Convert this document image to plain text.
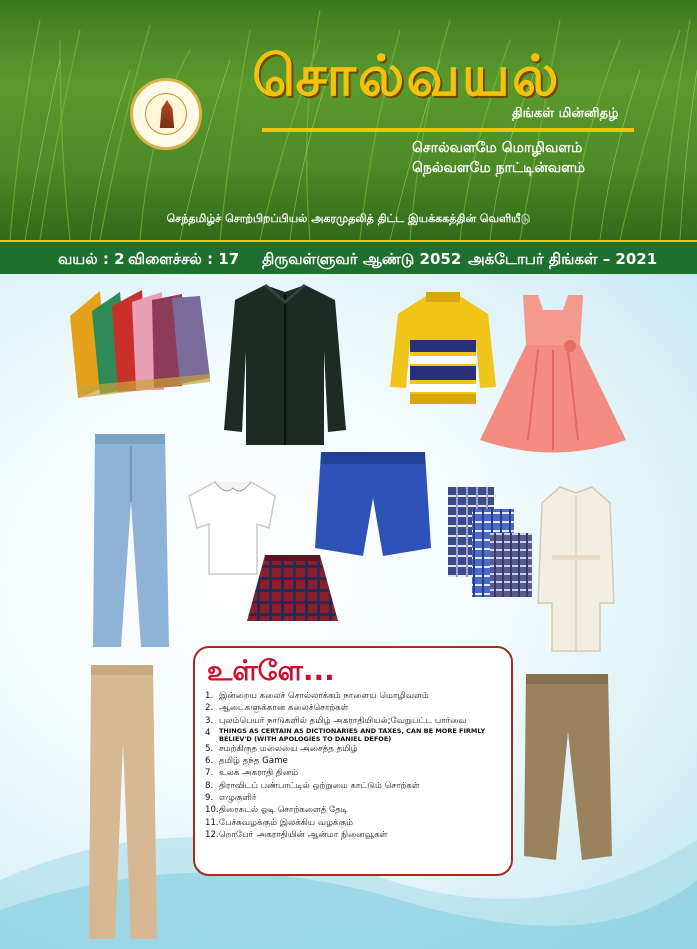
சொல்வயல்
திங்கள் மின்னிதழ்
சொல்வளமே மொழிவளம்
நெல்வளமே நாட்டின்வளம்
செந்தமிழ்ச் சொற்பிறப்பியல் அகரமுதலித் திட்ட இயக்ககத்தின் வெளியீடு
வயல் : 2 விளைச்சல் : 17 திருவள்ளுவர் ஆண்டு 2052 அக்டோபர் திங்கள் – 2021
உள்ளே...
1. இன்றைய கலைச் சொல்லாக்கம் நாளைய மொழிவளம்
2. ஆடைகளுக்கான கலைச்சொற்கள்
3. புலம்பெயர் நாடுகளில் தமிழ் அகராதியியல்;வேறுபட்ட பார்வை
4	THINGS AS CERTAIN AS DICTIONARIES AND TAXES, CAN BE MORE FIRMLY BELIEV'D (WITH APOLOGIES TO DANIEL DEFOE)
5. சமற்கிருத மலையை அசைத்த தமிழ்
6. தமிழ் தந்த Game
7. உலக அகராதி தினம்
8. திராவிடப் பண்பாட்டில் ஒற்றுமை காட்டும் சொற்கள்
9. எழுகுளிர்
10. திரைகடல் ஓடி சொற்களைத் தேடி
11. பேச்சுவழக்கும் இலக்கிய வழக்கும்
12. றொபோ் அகராதியின் ஆன்மா நினைவூகள்
